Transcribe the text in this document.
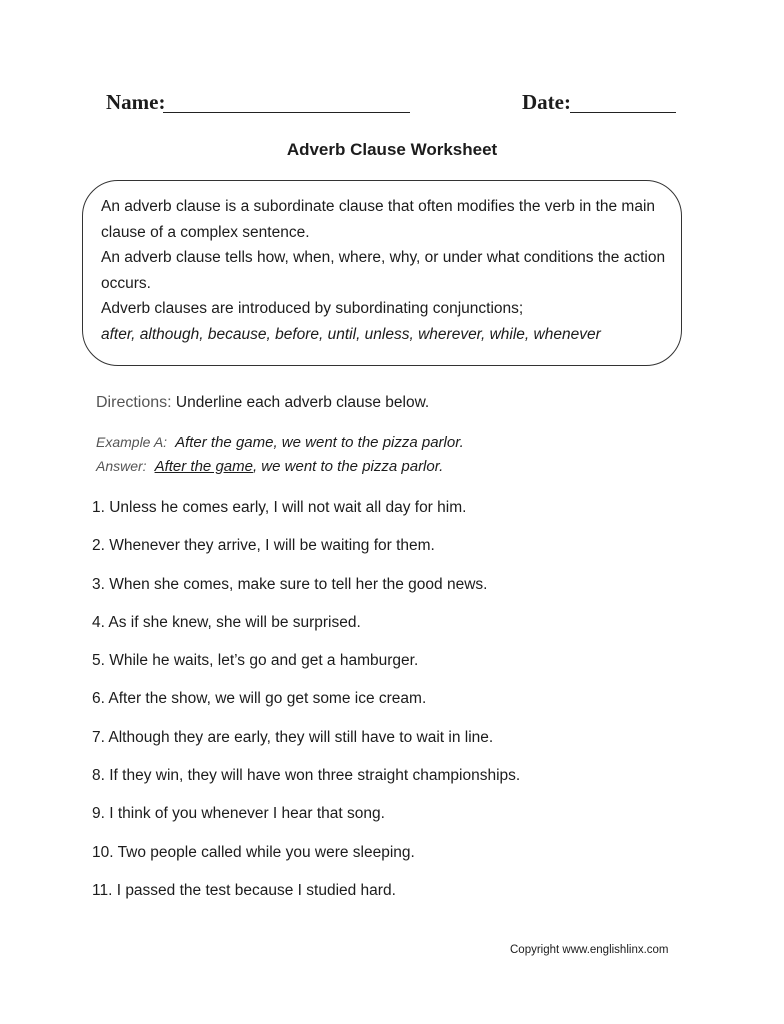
Name:	Date:
Adverb Clause Worksheet
An adverb clause is a subordinate clause that often modifies the verb in the main clause of a complex sentence.
An adverb clause tells how, when, where, why, or under what conditions the action occurs.
Adverb clauses are introduced by subordinating conjunctions;
after, although, because, before, until, unless, wherever, while, whenever
Directions: Underline each adverb clause below.
Example A: After the game, we went to the pizza parlor.
Answer: After the game, we went to the pizza parlor.
1. Unless he comes early, I will not wait all day for him.
2. Whenever they arrive, I will be waiting for them.
3. When she comes, make sure to tell her the good news.
4. As if she knew, she will be surprised.
5. While he waits, let’s go and get a hamburger.
6. After the show, we will go get some ice cream.
7. Although they are early, they will still have to wait in line.
8. If they win, they will have won three straight championships.
9. I think of you whenever I hear that song.
10. Two people called while you were sleeping.
11. I passed the test because I studied hard.
Copyright www.englishlinx.com
